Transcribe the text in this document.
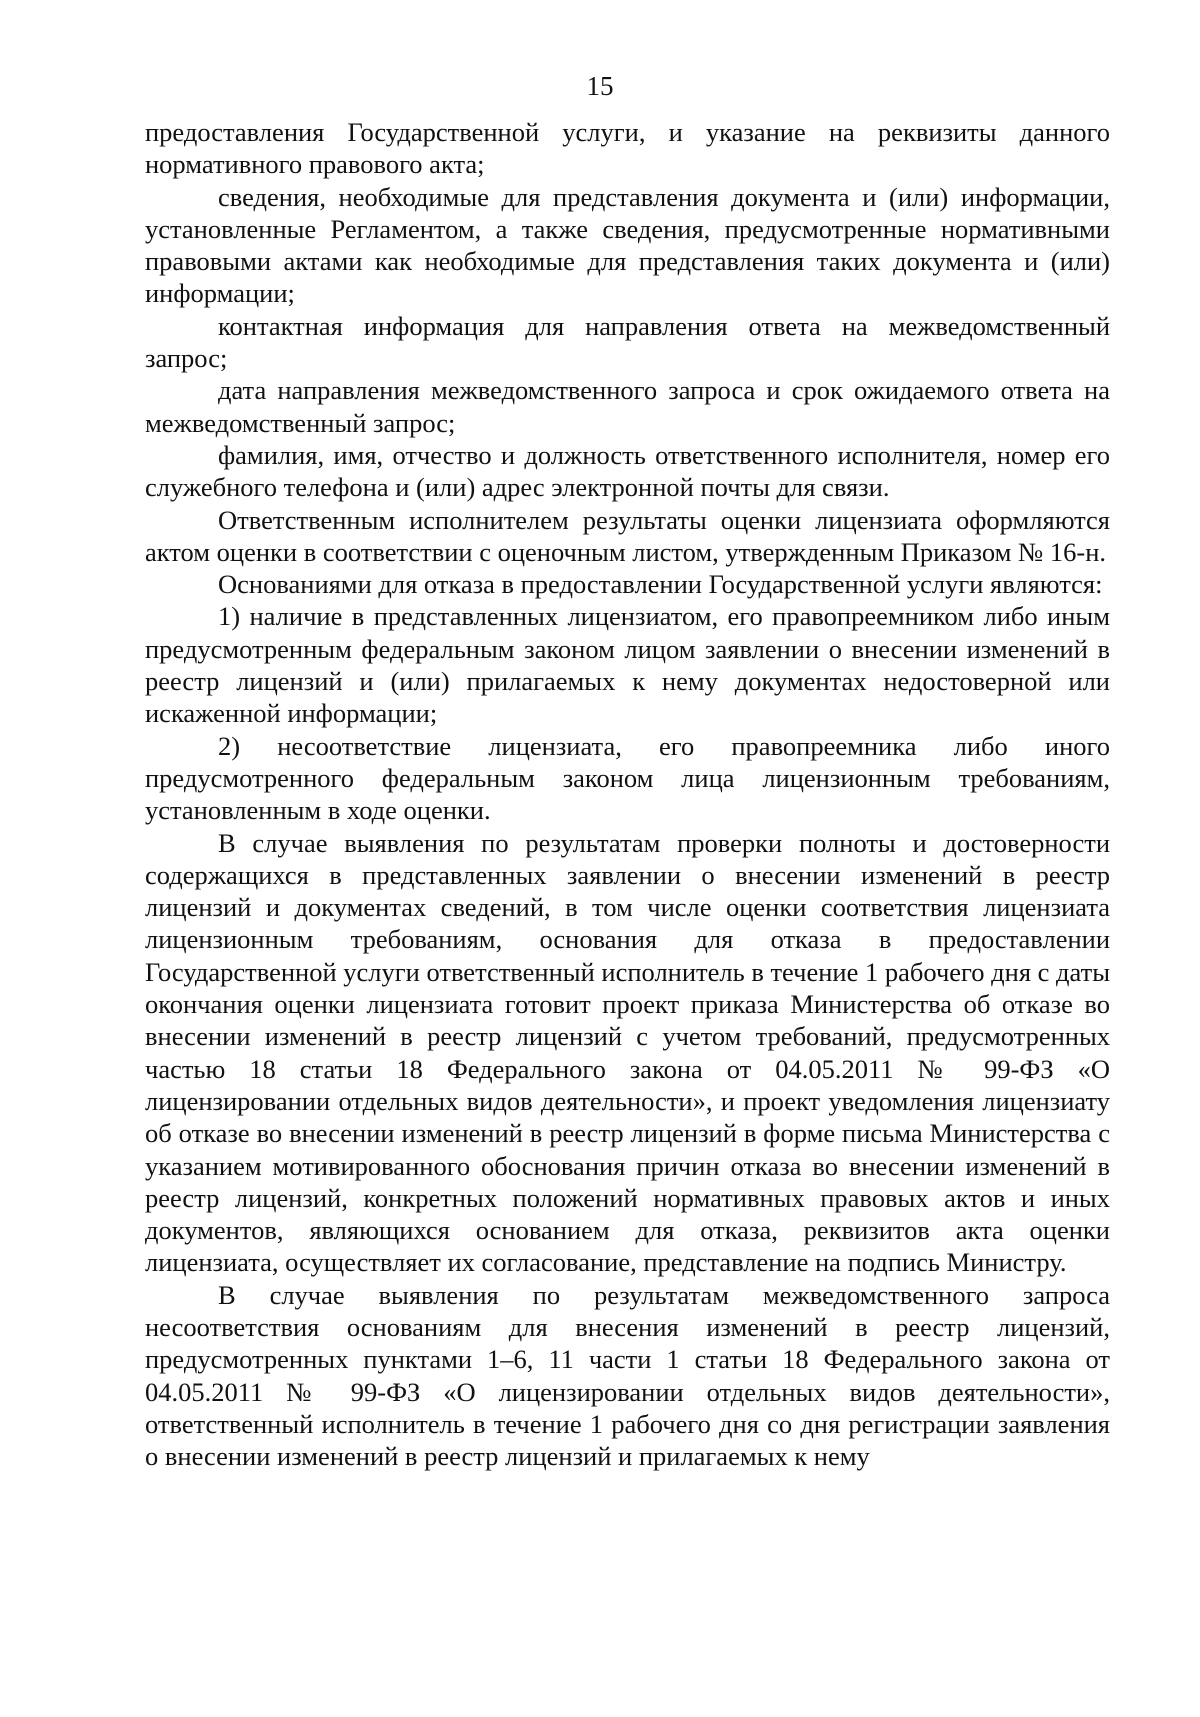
15

предоставления Государственной услуги, и указание на реквизиты данного нормативного правового акта;

сведения, необходимые для представления документа и (или) информации, установленные Регламентом, а также сведения, предусмотренные нормативными правовыми актами как необходимые для представления таких документа и (или) информации;

контактная информация для направления ответа на межведомственный запрос;

дата направления межведомственного запроса и срок ожидаемого ответа на межведомственный запрос;

фамилия, имя, отчество и должность ответственного исполнителя, номер его служебного телефона и (или) адрес электронной почты для связи.

Ответственным исполнителем результаты оценки лицензиата оформляются актом оценки в соответствии с оценочным листом, утвержденным Приказом № 16-н.

Основаниями для отказа в предоставлении Государственной услуги являются:

1) наличие в представленных лицензиатом, его правопреемником либо иным предусмотренным федеральным законом лицом заявлении о внесении изменений в реестр лицензий и (или) прилагаемых к нему документах недостоверной или искаженной информации;

2) несоответствие лицензиата, его правопреемника либо иного предусмотренного федеральным законом лица лицензионным требованиям, установленным в ходе оценки.

В случае выявления по результатам проверки полноты и достоверности содержащихся в представленных заявлении о внесении изменений в реестр лицензий и документах сведений, в том числе оценки соответствия лицензиата лицензионным требованиям, основания для отказа в предоставлении Государственной услуги ответственный исполнитель в течение 1 рабочего дня с даты окончания оценки лицензиата готовит проект приказа Министерства об отказе во внесении изменений в реестр лицензий с учетом требований, предусмотренных частью 18 статьи 18 Федерального закона от 04.05.2011 № 99-ФЗ «О лицензировании отдельных видов деятельности», и проект уведомления лицензиату об отказе во внесении изменений в реестр лицензий в форме письма Министерства с указанием мотивированного обоснования причин отказа во внесении изменений в реестр лицензий, конкретных положений нормативных правовых актов и иных документов, являющихся основанием для отказа, реквизитов акта оценки лицензиата, осуществляет их согласование, представление на подпись Министру.

В случае выявления по результатам межведомственного запроса несоответствия основаниям для внесения изменений в реестр лицензий, предусмотренных пунктами 1–6, 11 части 1 статьи 18 Федерального закона от 04.05.2011 № 99-ФЗ «О лицензировании отдельных видов деятельности», ответственный исполнитель в течение 1 рабочего дня со дня регистрации заявления о внесении изменений в реестр лицензий и прилагаемых к нему
